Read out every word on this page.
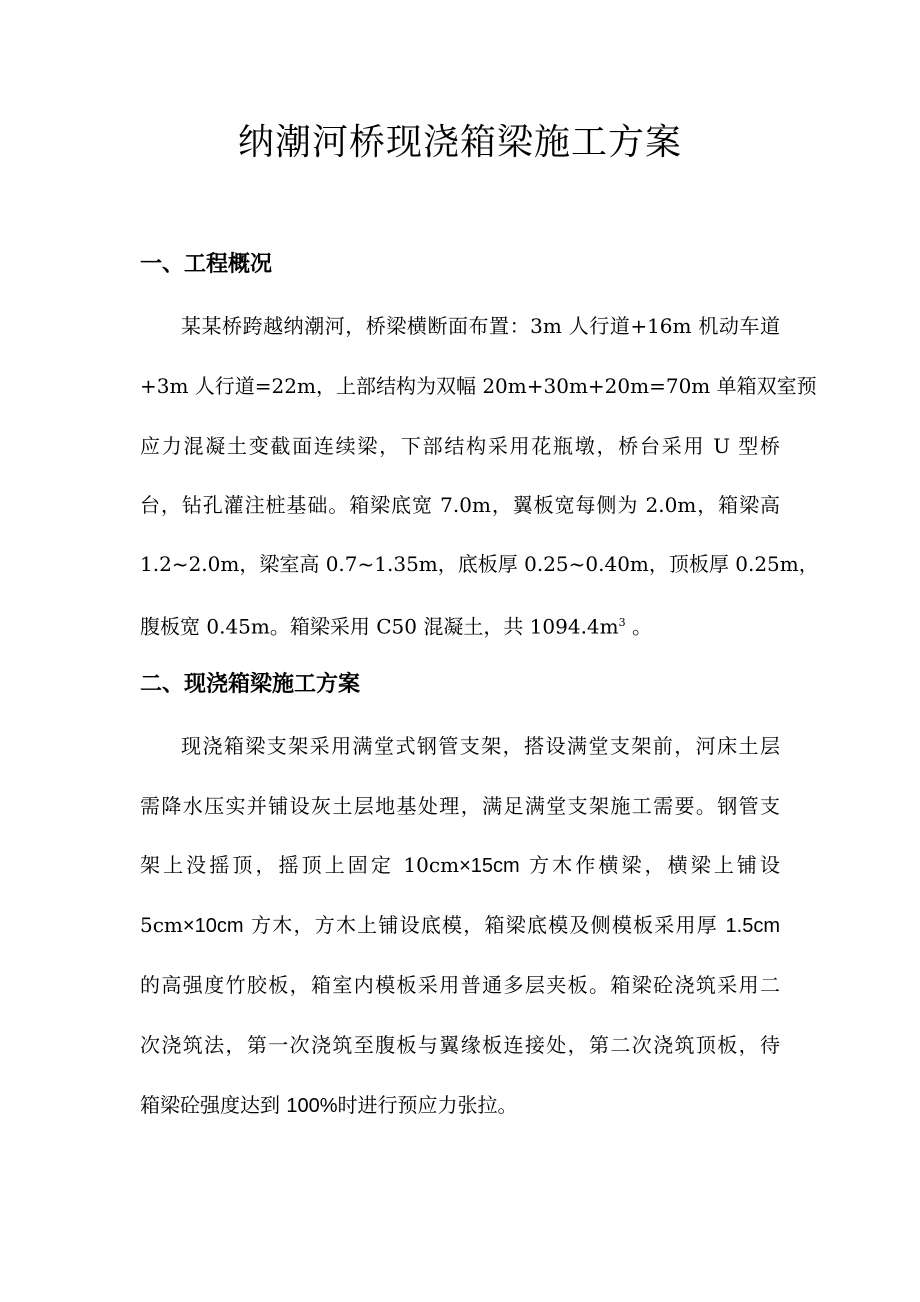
纳潮河桥现浇箱梁施工方案
一、工程概况

某某桥跨越纳潮河，桥梁横断面布置：3m 人行道+16m 机动车道

+3m 人行道=22m，上部结构为双幅 20m+30m+20m=70m 单箱双室预

应力混凝土变截面连续梁，下部结构采用花瓶墩，桥台采用 U 型桥

台，钻孔灌注桩基础。箱梁底宽 7.0m，翼板宽每侧为 2.0m，箱梁高

1.2~2.0m，梁室高 0.7~1.35m，底板厚 0.25~0.40m，顶板厚 0.25m，

腹板宽 0.45m。箱梁采用 C50 混凝土，共 $1094.4m^3$ 。

二、现浇箱梁施工方案

现浇箱梁支架采用满堂式钢管支架，搭设满堂支架前，河床土层

需降水压实并铺设灰土层地基处理，满足满堂支架施工需要。钢管支

架上没摇顶，摇顶上固定 10cm×15cm 方木作横梁，横梁上铺设

5cm×10cm 方木，方木上铺设底模，箱梁底模及侧模板采用厚 1.5cm

的高强度竹胶板，箱室内模板采用普通多层夹板。箱梁砼浇筑采用二

次浇筑法，第一次浇筑至腹板与翼缘板连接处，第二次浇筑顶板，待

箱梁砼强度达到 100%时进行预应力张拉。
